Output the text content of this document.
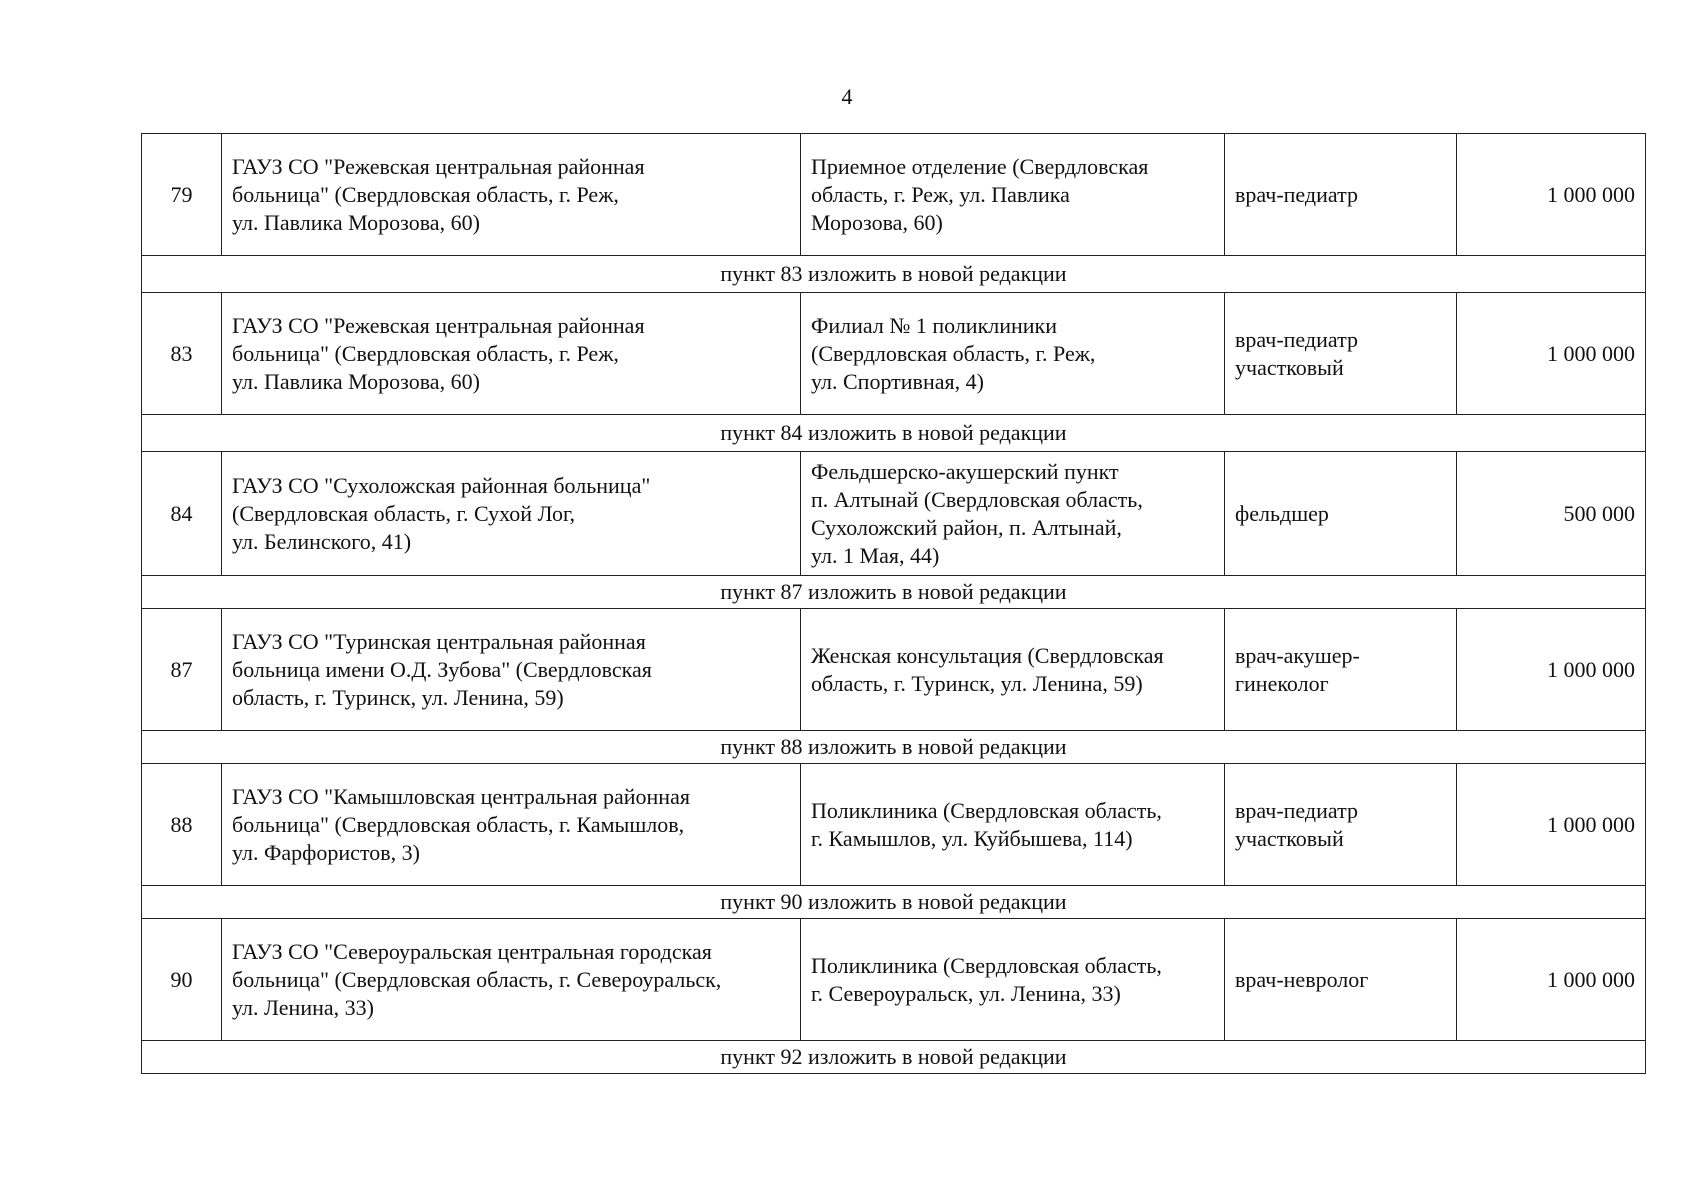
4
79	ГАУЗ СО "Режевская центральная районная
больница" (Свердловская область, г. Реж,
ул. Павлика Морозова, 60)	Приемное отделение (Свердловская
область, г. Реж, ул. Павлика
Морозова, 60)	врач-педиатр	1 000 000
пункт 83 изложить в новой редакции				
83	ГАУЗ СО "Режевская центральная районная
больница" (Свердловская область, г. Реж,
ул. Павлика Морозова, 60)	Филиал № 1 поликлиники
(Свердловская область, г. Реж,
ул. Спортивная, 4)	врач-педиатр
участковый	1 000 000
пункт 84 изложить в новой редакции				
84	ГАУЗ СО "Сухоложская районная больница"
(Свердловская область, г. Сухой Лог,
ул. Белинского, 41)	Фельдшерско-акушерский пункт
п. Алтынай (Свердловская область,
Сухоложский район, п. Алтынай,
ул. 1 Мая, 44)	фельдшер	500 000
пункт 87 изложить в новой редакции				
87	ГАУЗ СО "Туринская центральная районная
больница имени О.Д. Зубова" (Свердловская
область, г. Туринск, ул. Ленина, 59)	Женская консультация (Свердловская
область, г. Туринск, ул. Ленина, 59)	врач-акушер-
гинеколог	1 000 000
пункт 88 изложить в новой редакции				
88	ГАУЗ СО "Камышловская центральная районная
больница" (Свердловская область, г. Камышлов,
ул. Фарфористов, 3)	Поликлиника (Свердловская область,
г. Камышлов, ул. Куйбышева, 114)	врач-педиатр
участковый	1 000 000
пункт 90 изложить в новой редакции				
90	ГАУЗ СО "Североуральская центральная городская
больница" (Свердловская область, г. Североуральск,
ул. Ленина, 33)	Поликлиника (Свердловская область,
г. Североуральск, ул. Ленина, 33)	врач-невролог	1 000 000
пункт 92 изложить в новой редакции				
